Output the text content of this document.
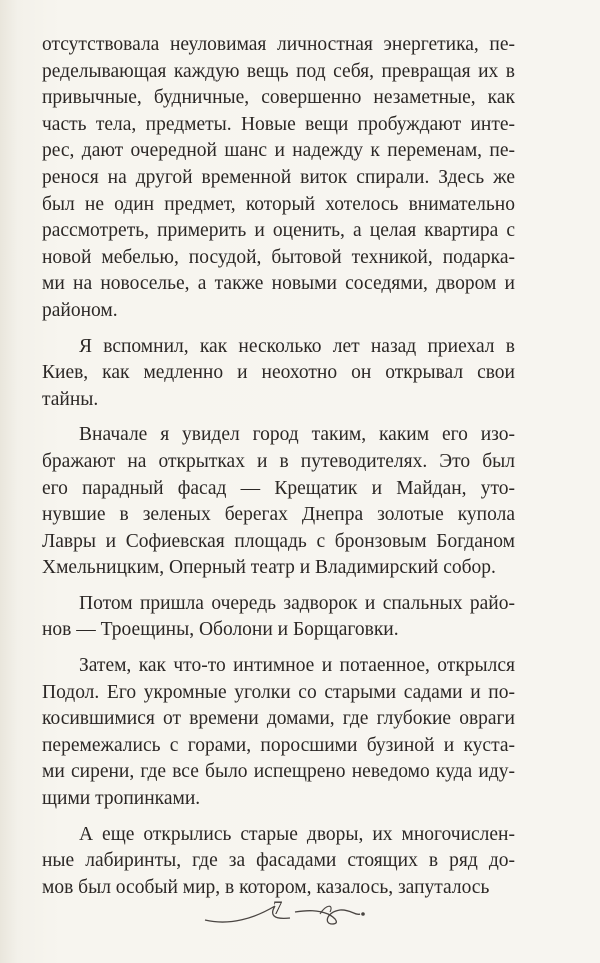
отсутствовала неуловимая личностная энергетика, пе-
ределывающая каждую вещь под себя, превращая их в
привычные, будничные, совершенно незаметные, как
часть тела, предметы. Новые вещи пробуждают инте-
рес, дают очередной шанс и надежду к переменам, пе-
ренося на другой временной виток спирали. Здесь же
был не один предмет, который хотелось внимательно
рассмотреть, примерить и оценить, а целая квартира с
новой мебелью, посудой, бытовой техникой, подарка-
ми на новоселье, а также новыми соседями, двором и
районом.
Я вспомнил, как несколько лет назад приехал в
Киев, как медленно и неохотно он открывал свои
тайны.
Вначале я увидел город таким, каким его изо-
бражают на открытках и в путеводителях. Это был
его парадный фасад — Крещатик и Майдан, уто-
нувшие в зеленых берегах Днепра золотые купола
Лавры и Софиевская площадь с бронзовым Богданом
Хмельницким, Оперный театр и Владимирский собор.
Потом пришла очередь задворок и спальных райо-
нов — Троещины, Оболони и Борщаговки.
Затем, как что-то интимное и потаенное, открылся
Подол. Его укромные уголки со старыми садами и по-
косившимися от времени домами, где глубокие овраги
перемежались с горами, поросшими бузиной и куста-
ми сирени, где все было испещрено неведомо куда иду-
щими тропинками.
А еще открылись старые дворы, их многочислен-
ные лабиринты, где за фасадами стоящих в ряд до-
мов был особый мир, в котором, казалось, запуталось
7
